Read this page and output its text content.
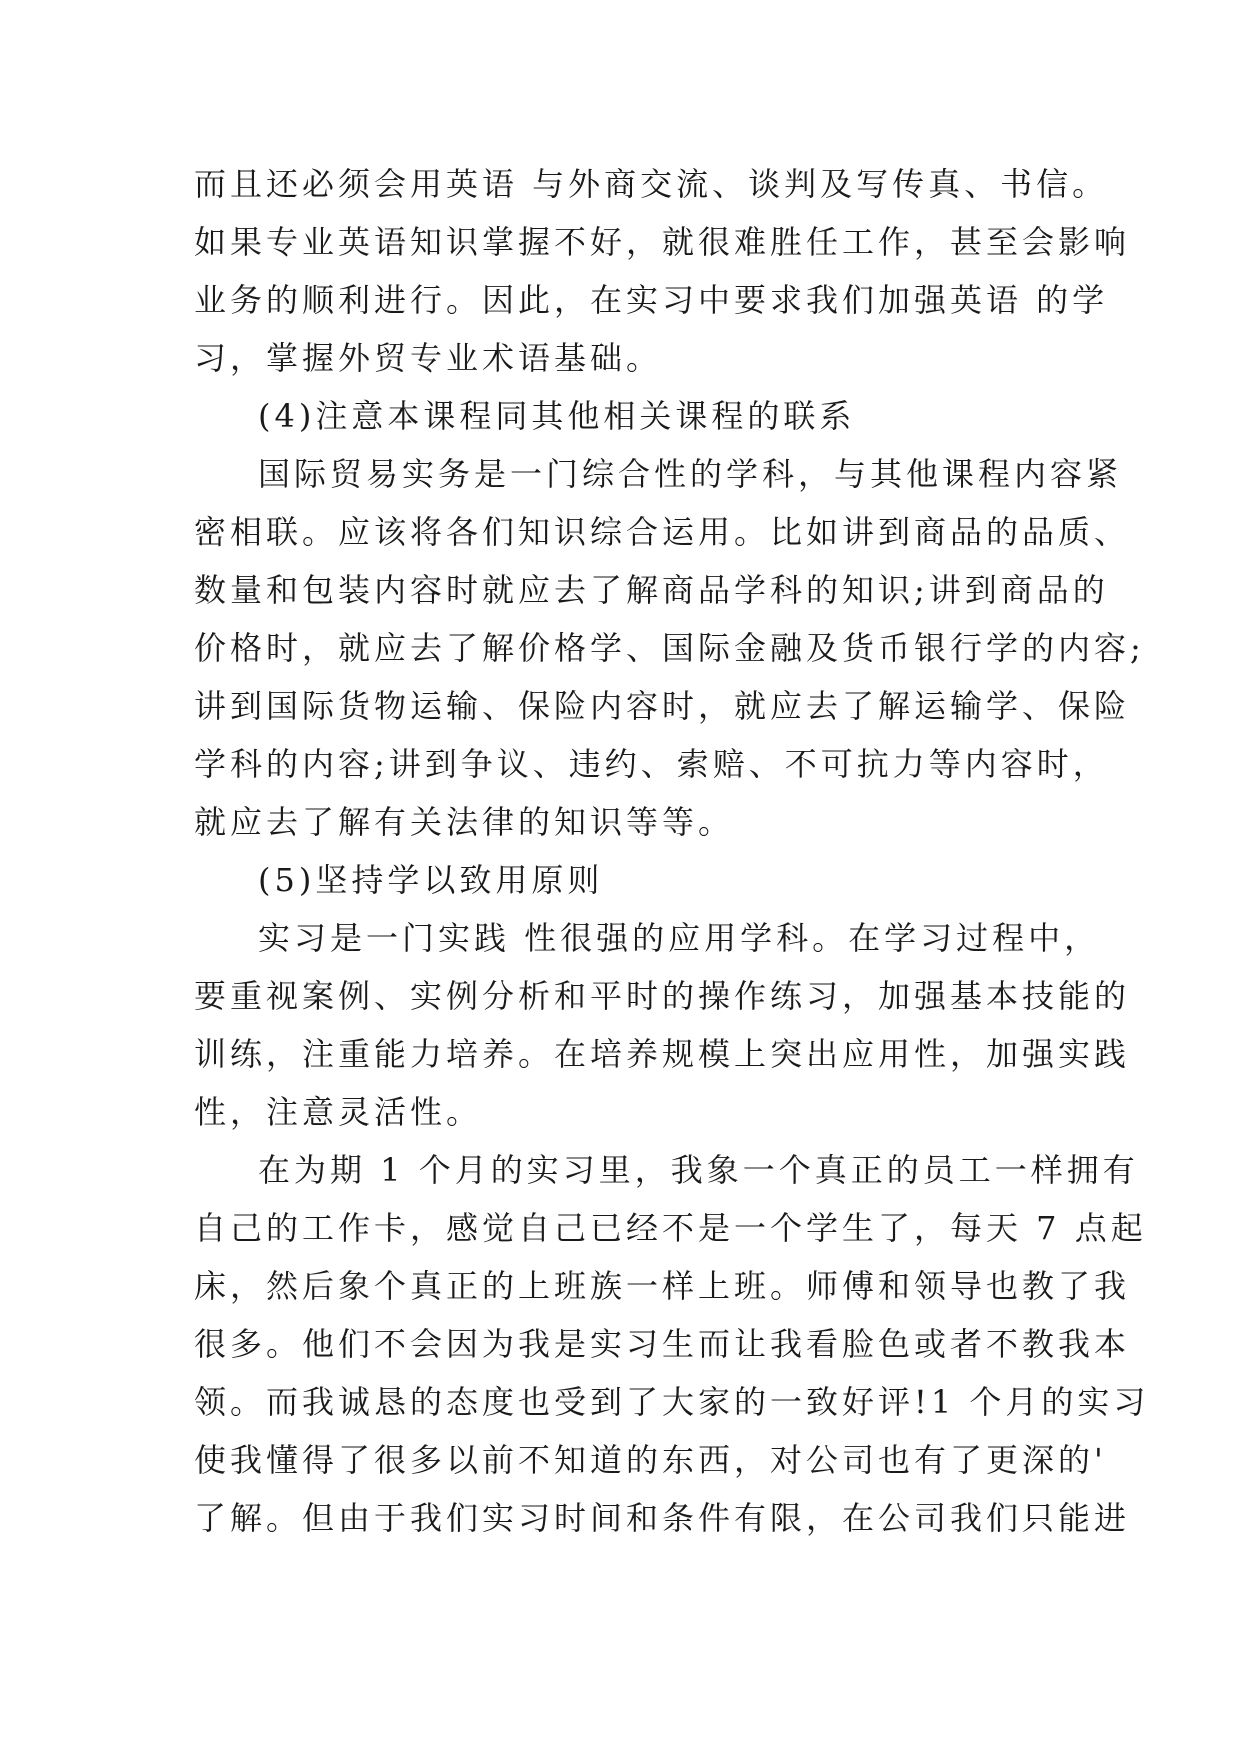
而且还必须会用英语 与外商交流、谈判及写传真、书信。
如果专业英语知识掌握不好，就很难胜任工作，甚至会影响
业务的顺利进行。因此，在实习中要求我们加强英语 的学
习，掌握外贸专业术语基础。
(4)注意本课程同其他相关课程的联系
国际贸易实务是一门综合性的学科，与其他课程内容紧
密相联。应该将各们知识综合运用。比如讲到商品的品质、
数量和包装内容时就应去了解商品学科的知识;讲到商品的
价格时，就应去了解价格学、国际金融及货币银行学的内容;
讲到国际货物运输、保险内容时，就应去了解运输学、保险
学科的内容;讲到争议、违约、索赔、不可抗力等内容时，
就应去了解有关法律的知识等等。
(5)坚持学以致用原则
实习是一门实践 性很强的应用学科。在学习过程中，
要重视案例、实例分析和平时的操作练习，加强基本技能的
训练，注重能力培养。在培养规模上突出应用性，加强实践
性，注意灵活性。
在为期 1 个月的实习里，我象一个真正的员工一样拥有
自己的工作卡，感觉自己已经不是一个学生了，每天 7 点起
床，然后象个真正的上班族一样上班。师傅和领导也教了我
很多。他们不会因为我是实习生而让我看脸色或者不教我本
领。而我诚恳的态度也受到了大家的一致好评!1 个月的实习
使我懂得了很多以前不知道的东西，对公司也有了更深的'
了解。但由于我们实习时间和条件有限，在公司我们只能进
